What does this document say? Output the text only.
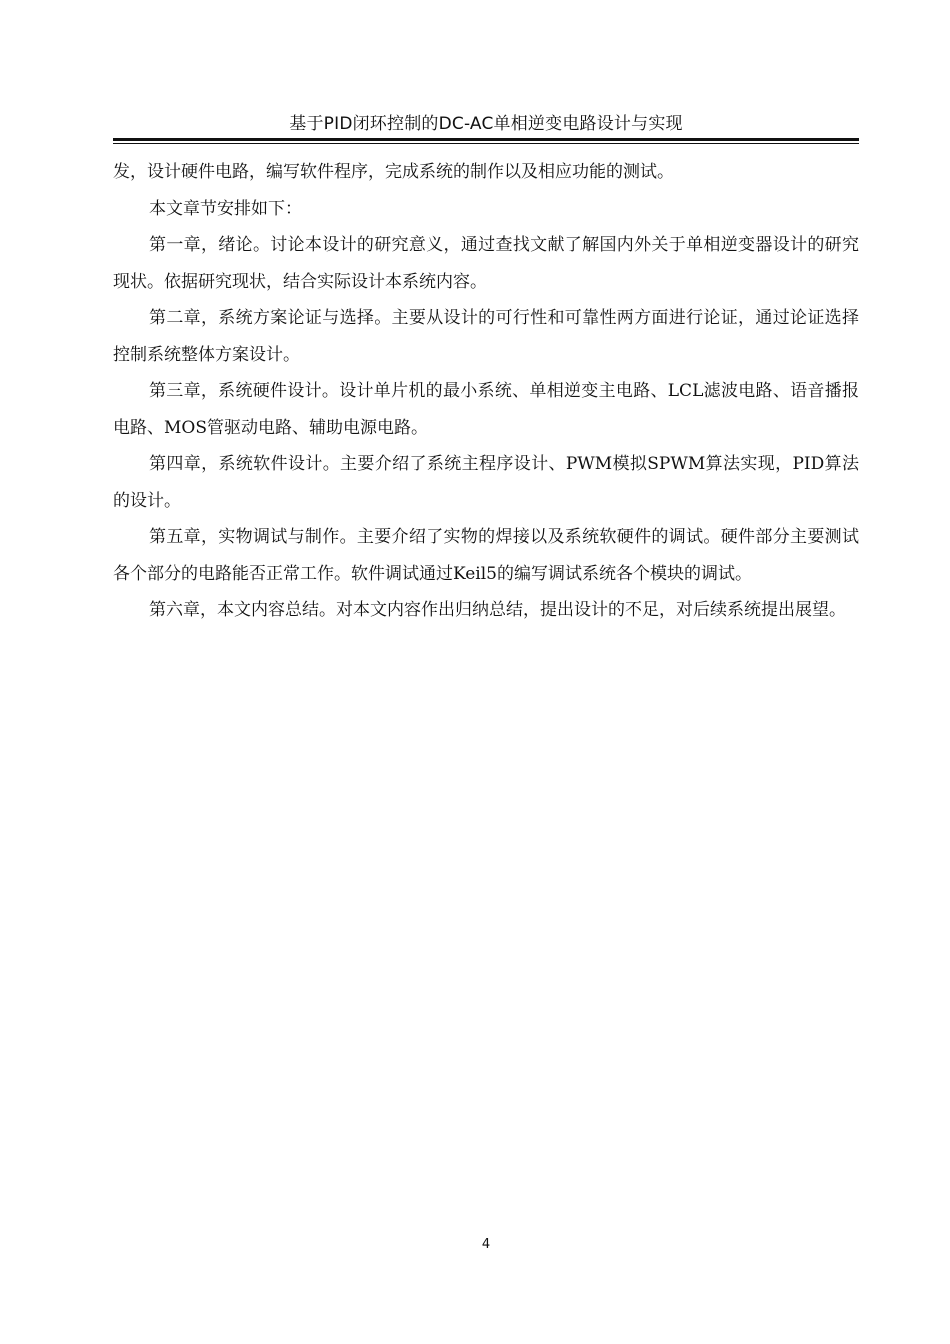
基于PID闭环控制的DC-AC单相逆变电路设计与实现

发，设计硬件电路，编写软件程序，完成系统的制作以及相应功能的测试。

本文章节安排如下：

第一章，绪论。讨论本设计的研究意义，通过查找文献了解国内外关于单相逆变器设计的研究现状。依据研究现状，结合实际设计本系统内容。

第二章，系统方案论证与选择。主要从设计的可行性和可靠性两方面进行论证，通过论证选择控制系统整体方案设计。

第三章，系统硬件设计。设计单片机的最小系统、单相逆变主电路、LCL滤波电路、语音播报电路、MOS管驱动电路、辅助电源电路。

第四章，系统软件设计。主要介绍了系统主程序设计、PWM模拟SPWM算法实现，PID算法的设计。

第五章，实物调试与制作。主要介绍了实物的焊接以及系统软硬件的调试。硬件部分主要测试各个部分的电路能否正常工作。软件调试通过Keil5的编写调试系统各个模块的调试。

第六章，本文内容总结。对本文内容作出归纳总结，提出设计的不足，对后续系统提出展望。

4
